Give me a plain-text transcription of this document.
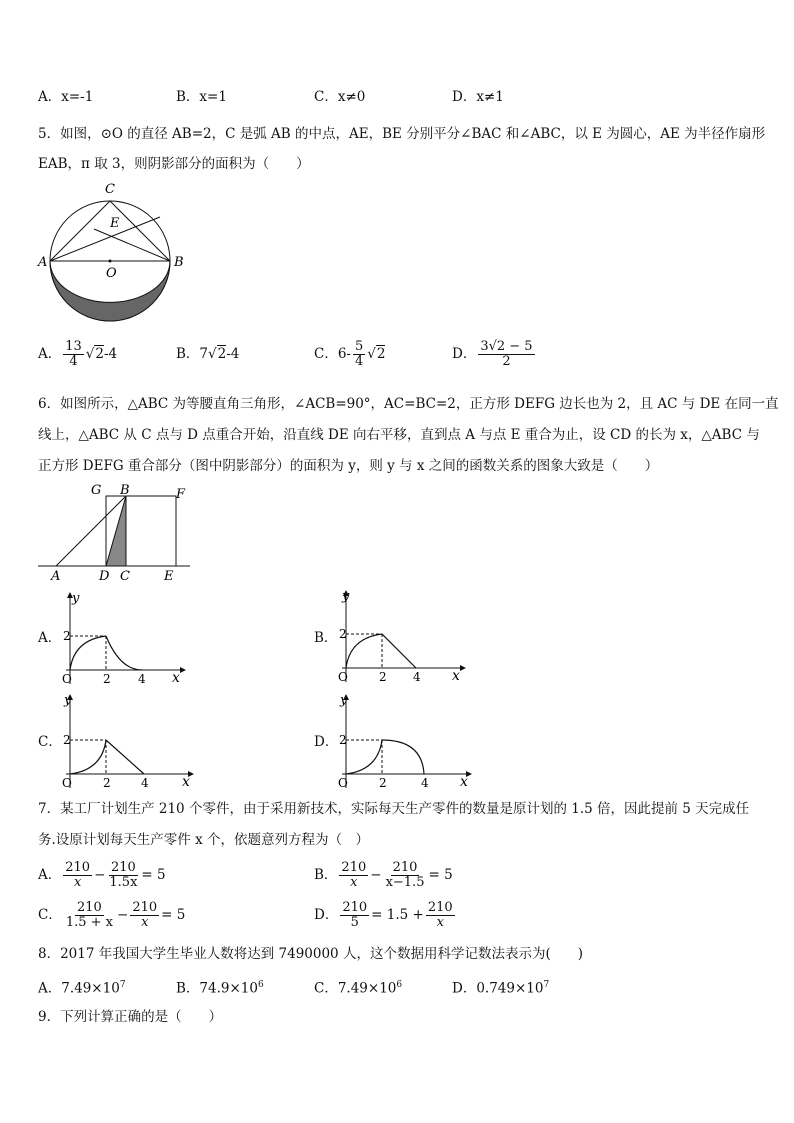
A．x=-1	B．x=1	C．x≠0	D．x≠1
5．如图，⊙O 的直径 AB=2，C 是弧 AB 的中点，AE，BE 分别平分∠BAC 和∠ABC，以 E 为圆心，AE 为半径作扇形
EAB，π 取 3，则阴影部分的面积为（　　）
C
E
A
O
B
A． $\frac{13}{4} √2-4$	B．7√2-4	C．$6- \frac{5}{4} √2$	D． $\frac{3√2 - 5}{2}$
6．如图所示，△ABC 为等腰直角三角形，∠ACB=90°，AC=BC=2，正方形 DEFG 边长也为 2，且 AC 与 DE 在同一直
线上，△ABC 从 C 点与 D 点重合开始，沿直线 DE 向右平移，直到点 A 与点 E 重合为止，设 CD 的长为 x，△ABC 与
正方形 DEFG 重合部分（图中阴影部分）的面积为 y，则 y 与 x 之间的函数关系的图象大致是（　　）
G B	F
A	D C	E
A．
y
2
O	2 4 x
B．
y
2
O	2 4 x
C．
y
2
O	2	4 x
D．
y
2
O	2	4 x
7．某工厂计划生产 210 个零件，由于采用新技术，实际每天生产零件的数量是原计划的 1.5 倍，因此提前 5 天完成任
务.设原计划每天生产零件 x 个，依题意列方程为（　）
A． $\frac{210}{x} - \frac{210}{1.5x} = 5$	B． $\frac{210}{x} - \frac{210}{x-1.5} = 5$
C． $\frac{210}{1.5 + x} - \frac{210}{x} = 5$	D． $\frac{210}{5} = 1.5 + \frac{210}{x}$
8．2017 年我国大学生毕业人数将达到 7490000 人，这个数据用科学记数法表示为(　　)
A．$7.49\times 10^7$	B．$74.9\times 10^6$	C．$7.49\times 10^6$	D．$0.749\times 10^7$
9．下列计算正确的是（　　）
